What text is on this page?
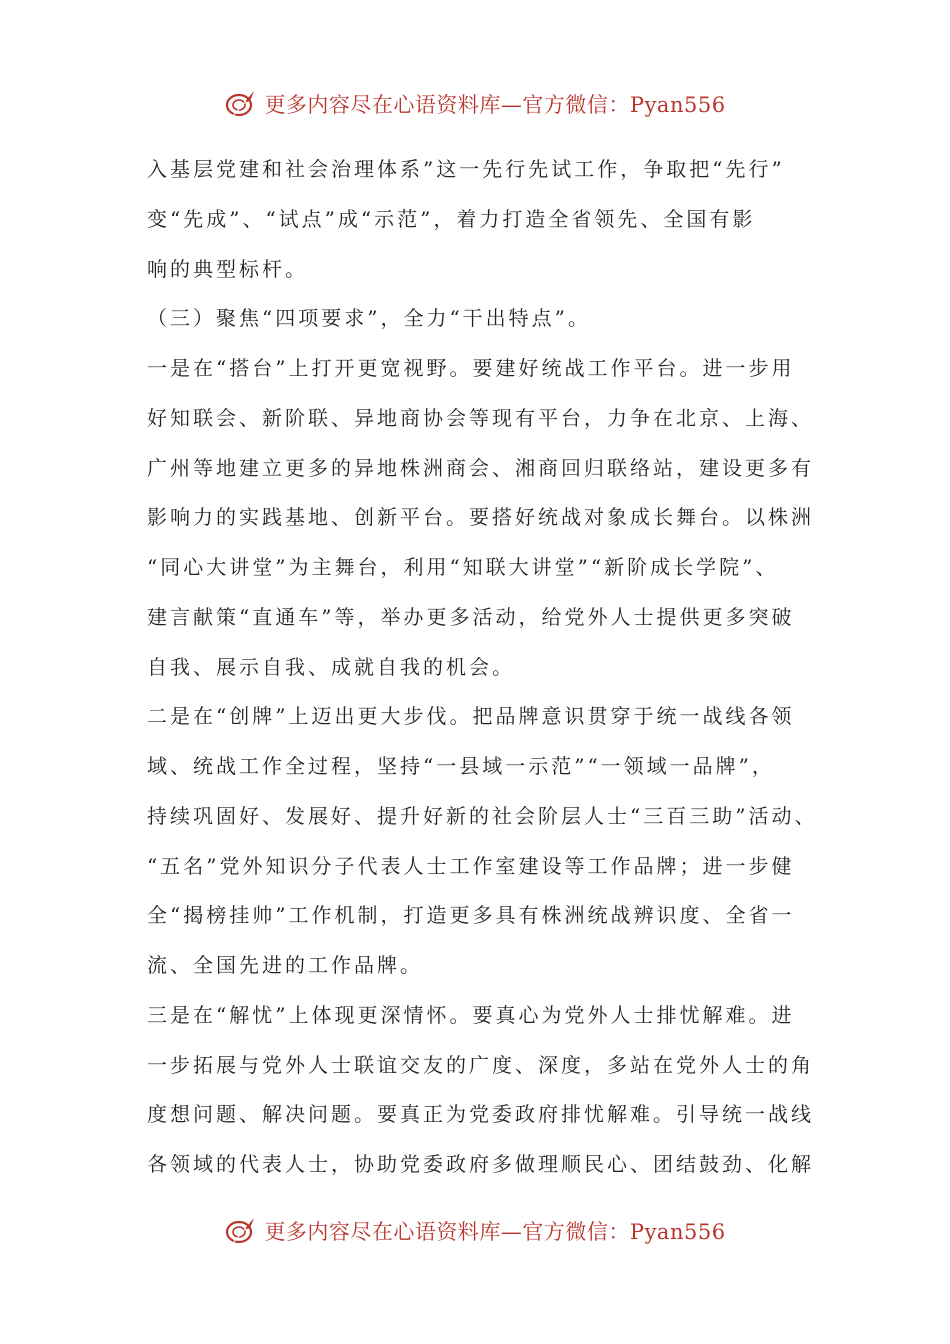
更多内容尽在心语资料库—官方微信：Pyan556
入基层党建和社会治理体系”这一先行先试工作，争取把“先行”
变“先成”、“试点”成“示范”，着力打造全省领先、全国有影
响的典型标杆。
（三）聚焦“四项要求”，全力“干出特点”。
一是在“搭台”上打开更宽视野。要建好统战工作平台。进一步用
好知联会、新阶联、异地商协会等现有平台，力争在北京、上海、
广州等地建立更多的异地株洲商会、湘商回归联络站，建设更多有
影响力的实践基地、创新平台。要搭好统战对象成长舞台。以株洲
“同心大讲堂”为主舞台，利用“知联大讲堂”“新阶成长学院”、
建言献策“直通车”等，举办更多活动，给党外人士提供更多突破
自我、展示自我、成就自我的机会。
二是在“创牌”上迈出更大步伐。把品牌意识贯穿于统一战线各领
域、统战工作全过程，坚持“一县域一示范”“一领域一品牌”，
持续巩固好、发展好、提升好新的社会阶层人士“三百三助”活动、
“五名”党外知识分子代表人士工作室建设等工作品牌；进一步健
全“揭榜挂帅”工作机制，打造更多具有株洲统战辨识度、全省一
流、全国先进的工作品牌。
三是在“解忧”上体现更深情怀。要真心为党外人士排忧解难。进
一步拓展与党外人士联谊交友的广度、深度，多站在党外人士的角
度想问题、解决问题。要真正为党委政府排忧解难。引导统一战线
各领域的代表人士，协助党委政府多做理顺民心、团结鼓劲、化解
更多内容尽在心语资料库—官方微信：Pyan556
